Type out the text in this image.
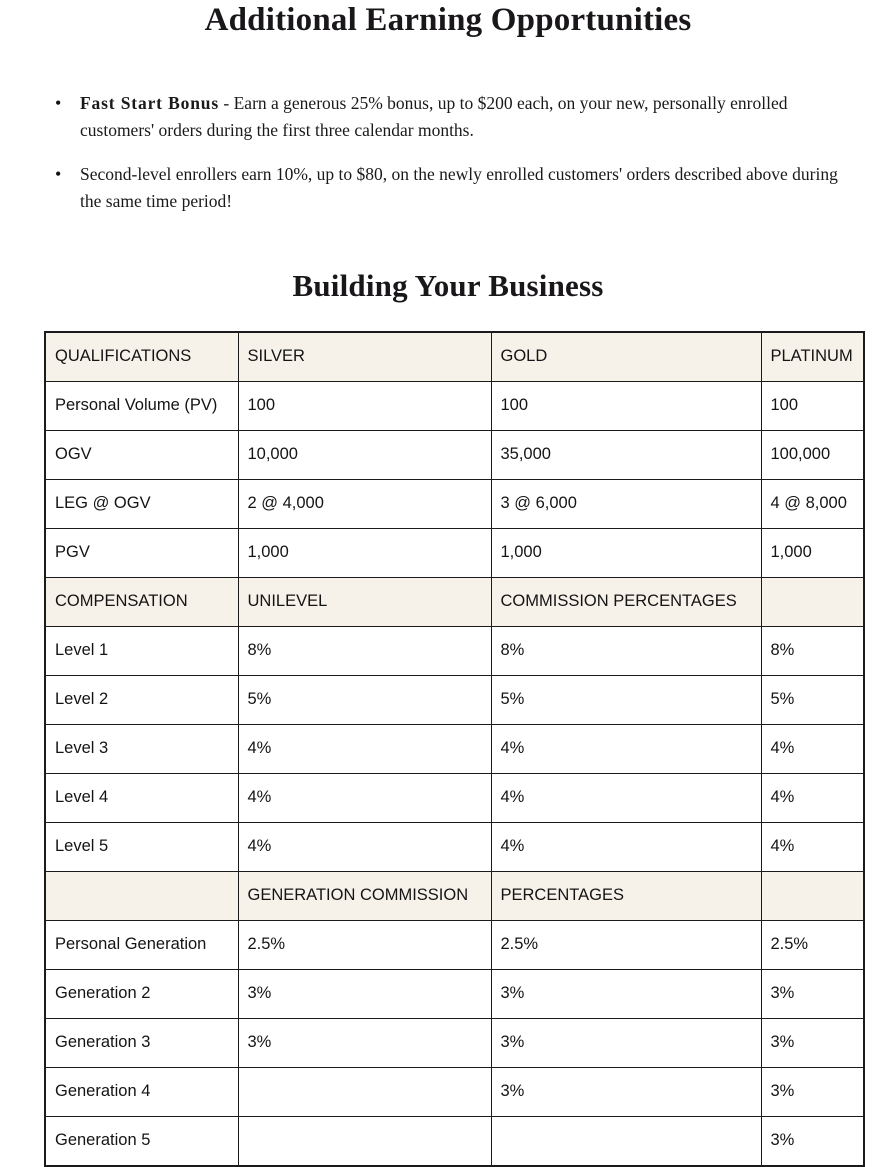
Additional Earning Opportunities
• Fast Start Bonus - Earn a generous 25% bonus, up to $200 each, on your new, personally enrolled customers' orders during the first three calendar months.
• Second-level enrollers earn 10%, up to $80, on the newly enrolled customers' orders described above during the same time period!
Building Your Business
QUALIFICATIONS	SILVER	GOLD	PLATINUM
Personal Volume (PV)	100	100	100
OGV	10,000	35,000	100,000
LEG @ OGV	2 @ 4,000	3 @ 6,000	4 @ 8,000
PGV	1,000	1,000	1,000
COMPENSATION	UNILEVEL	COMMISSION PERCENTAGES	
Level 1	8%	8%	8%
Level 2	5%	5%	5%
Level 3	4%	4%	4%
Level 4	4%	4%	4%
Level 5	4%	4%	4%
	GENERATION COMMISSION	PERCENTAGES	
Personal Generation	2.5%	2.5%	2.5%
Generation 2	3%	3%	3%
Generation 3	3%	3%	3%
Generation 4		3%	3%
Generation 5			3%
